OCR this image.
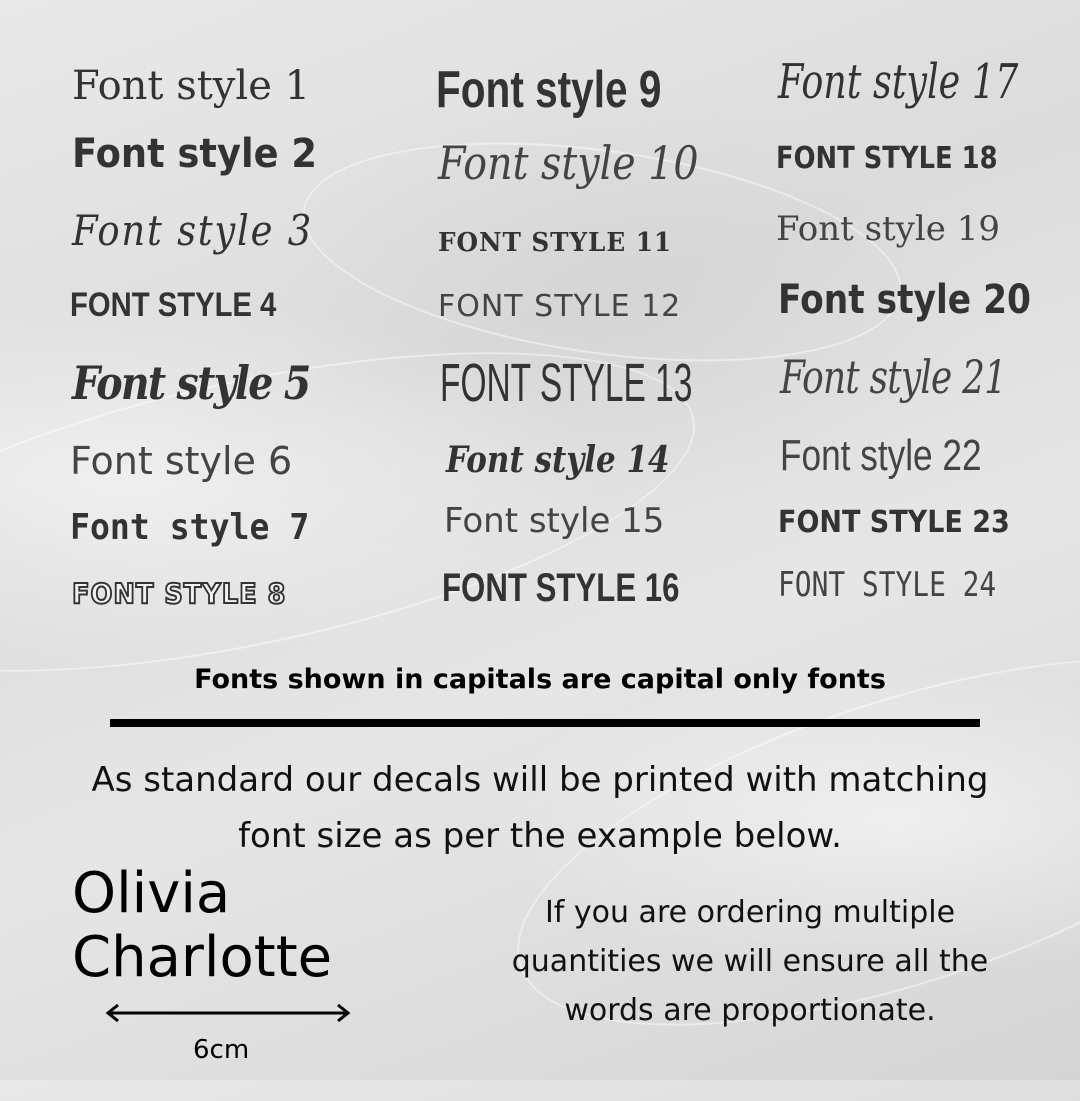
Font style 1
Font style 2
Font style 3
FONT STYLE 4
Font style 5
Font style 6
Font style 7
FONT STYLE 8
Font style 9
Font style 10
FONT STYLE 11
FONT STYLE 12
FONT STYLE 13
Font style 14
Font style 15
FONT STYLE 16
Font style 17
FONT STYLE 18
Font style 19
Font style 20
Font style 21
Font style 22
FONT STYLE 23
FONT STYLE 24
Fonts shown in capitals are capital only fonts
As standard our decals will be printed with matching
font size as per the example below.
Olivia
Charlotte
6cm
If you are ordering multiple
quantities we will ensure all the
words are proportionate.
